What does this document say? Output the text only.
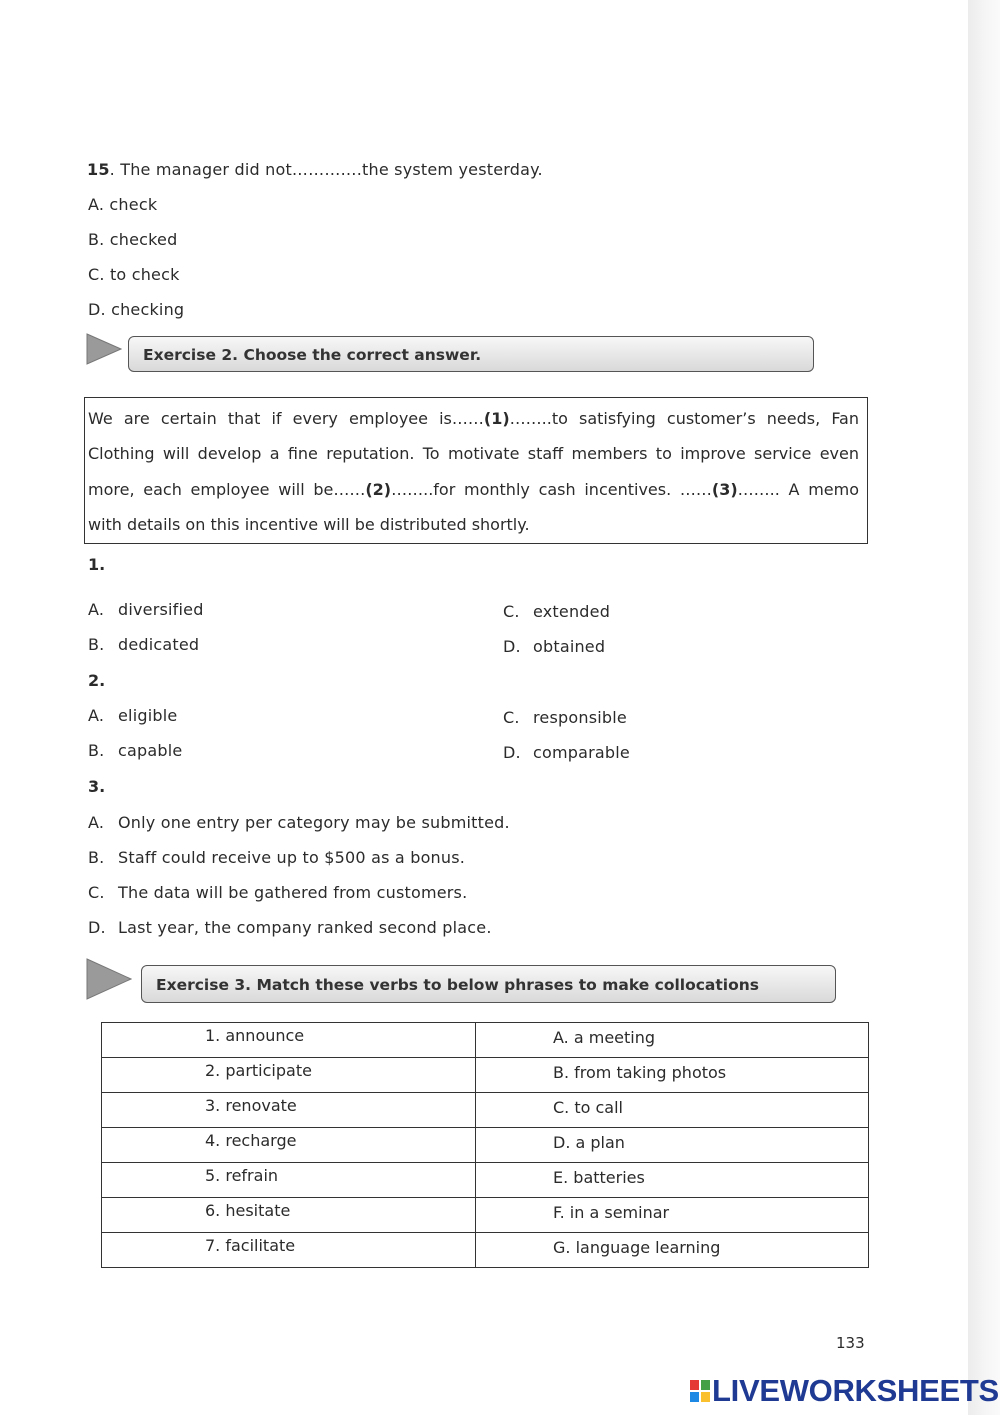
15. The manager did not………….the system yesterday.
A. check
B. checked
C. to check
D. checking
Exercise 2. Choose the correct answer.
We are certain that if every employee is……(1)……..to satisfying customer’s needs, Fan Clothing will develop a fine reputation. To motivate staff members to improve service even more, each employee will be……(2)……..for monthly cash incentives. ……(3)…….. A memo with details on this incentive will be distributed shortly.
1.
A. diversified
B. dedicated
C. extended
D. obtained
2.
A. eligible
B. capable
C. responsible
D. comparable
3.
A. Only one entry per category may be submitted.
B. Staff could receive up to $500 as a bonus.
C. The data will be gathered from customers.
D. Last year, the company ranked second place.
Exercise 3. Match these verbs to below phrases to make collocations
1. announce	A. a meeting
2. participate	B. from taking photos
3. renovate	C. to call
4. recharge	D. a plan
5. refrain	E. batteries
6. hesitate	F. in a seminar
7. facilitate	G. language learning
133
LIVEWORKSHEETS
